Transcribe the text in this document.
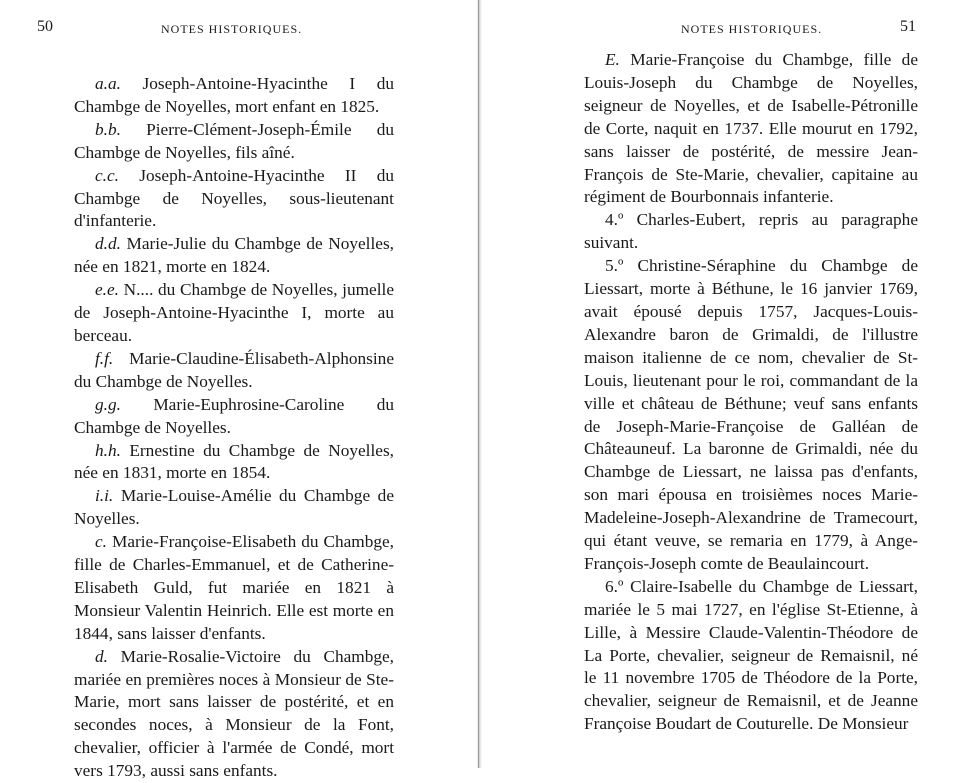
50	NOTES HISTORIQUES.

a.a. Joseph-Antoine-Hyacinthe I du Chambge de Noyelles, mort enfant en 1825.

b.b. Pierre-Clément-Joseph-Émile du Chambge de Noyelles, fils aîné.

c.c. Joseph-Antoine-Hyacinthe II du Chambge de Noyelles, sous-lieutenant d'infanterie.

d.d. Marie-Julie du Chambge de Noyelles, née en 1821, morte en 1824.

e.e. N.... du Chambge de Noyelles, jumelle de Joseph-Antoine-Hyacinthe I, morte au berceau.

f.f. Marie-Claudine-Élisabeth-Alphonsine du Chambge de Noyelles.

g.g. Marie-Euphrosine-Caroline du Chambge de Noyelles.

h.h. Ernestine du Chambge de Noyelles, née en 1831, morte en 1854.

i.i. Marie-Louise-Amélie du Chambge de Noyelles.

c. Marie-Françoise-Elisabeth du Chambge, fille de Charles-Emmanuel, et de Catherine-Elisabeth Guld, fut mariée en 1821 à Monsieur Valentin Heinrich. Elle est morte en 1844, sans laisser d'enfants.

d. Marie-Rosalie-Victoire du Chambge, mariée en premières noces à Monsieur de Ste-Marie, mort sans laisser de postérité, et en secondes noces, à Monsieur de la Font, chevalier, officier à l'armée de Condé, mort vers 1793, aussi sans enfants.

NOTES HISTORIQUES.	51

E. Marie-Françoise du Chambge, fille de Louis-Joseph du Chambge de Noyelles, seigneur de Noyelles, et de Isabelle-Pétronille de Corte, naquit en 1737. Elle mourut en 1792, sans laisser de postérité, de messire Jean-François de Ste-Marie, chevalier, capitaine au régiment de Bourbonnais infanterie.

4.º Charles-Eubert, repris au paragraphe suivant.

5.º Christine-Séraphine du Chambge de Liessart, morte à Béthune, le 16 janvier 1769, avait épousé depuis 1757, Jacques-Louis-Alexandre baron de Grimaldi, de l'illustre maison italienne de ce nom, chevalier de St-Louis, lieutenant pour le roi, commandant de la ville et château de Béthune; veuf sans enfants de Joseph-Marie-Françoise de Galléan de Châteauneuf. La baronne de Grimaldi, née du Chambge de Liessart, ne laissa pas d'enfants, son mari épousa en troisièmes noces Marie-Madeleine-Joseph-Alexandrine de Tramecourt, qui étant veuve, se remaria en 1779, à Ange-François-Joseph comte de Beaulaincourt.

6.º Claire-Isabelle du Chambge de Liessart, mariée le 5 mai 1727, en l'église St-Etienne, à Lille, à Messire Claude-Valentin-Théodore de La Porte, chevalier, seigneur de Remaisnil, né le 11 novembre 1705 de Théodore de la Porte, chevalier, seigneur de Remaisnil, et de Jeanne Françoise Boudart de Couturelle. De Monsieur
